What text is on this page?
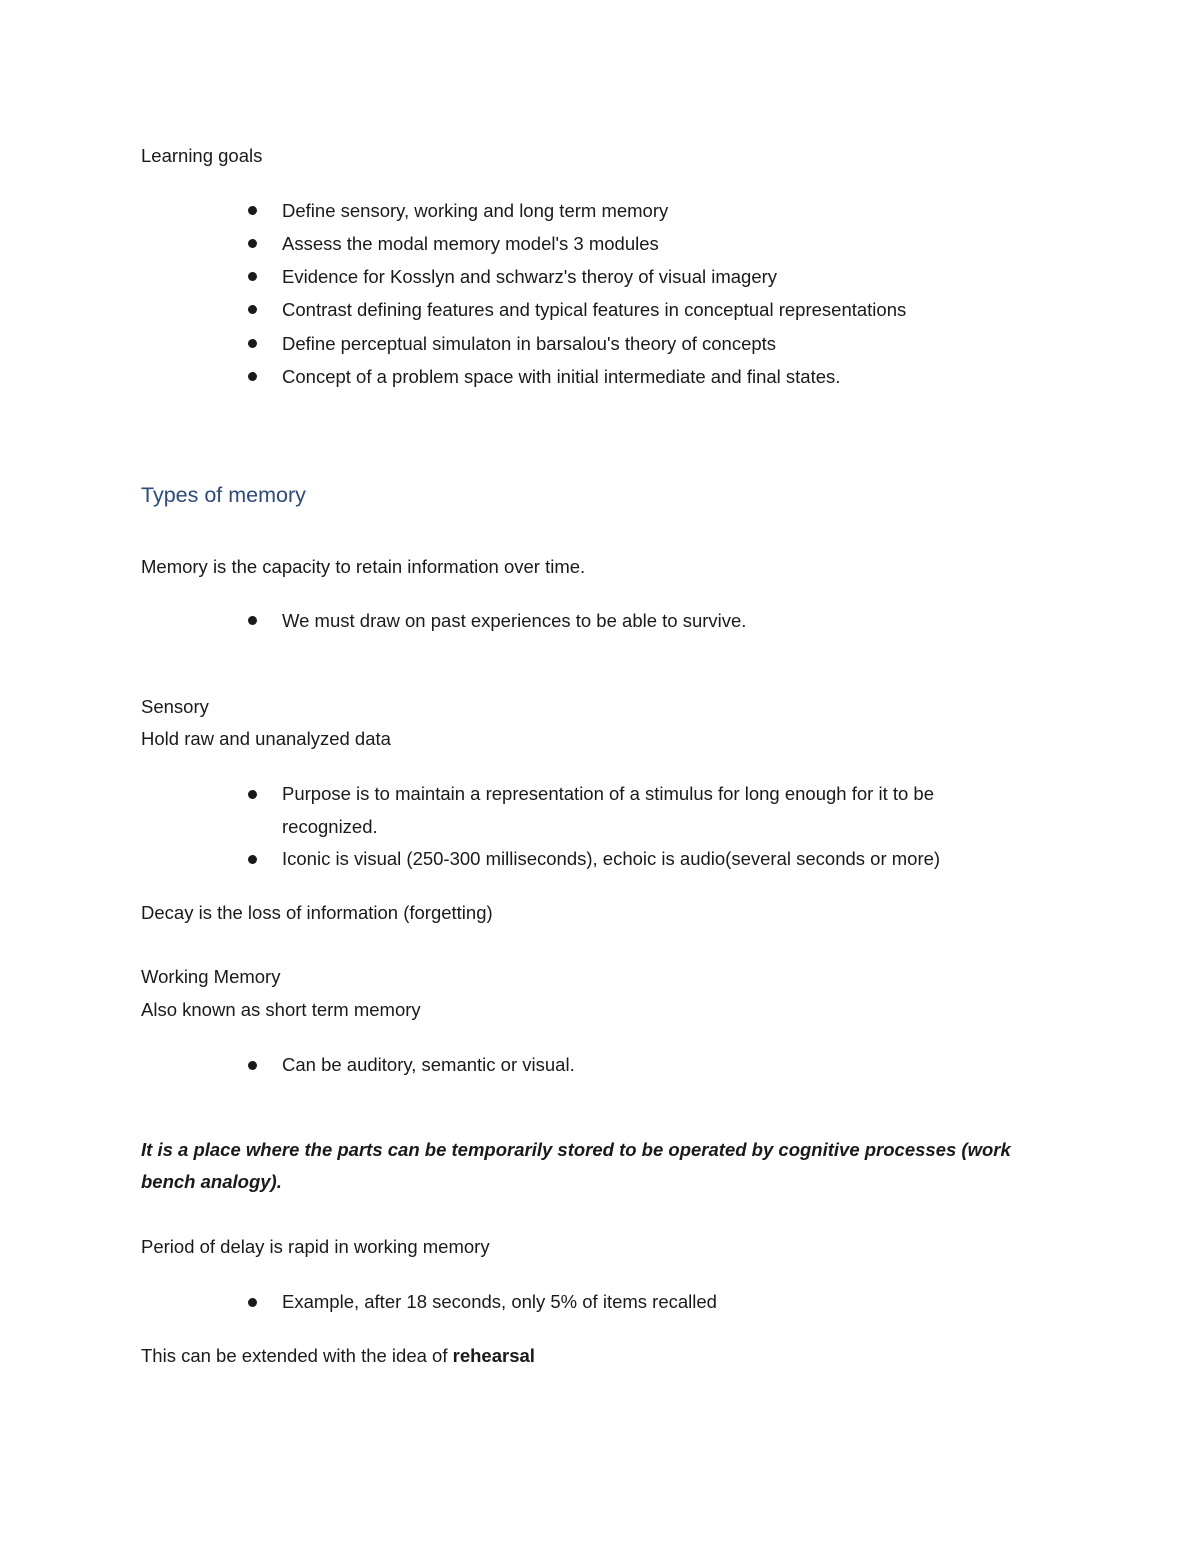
Learning goals
Define sensory, working and long term memory
Assess the modal memory model's 3 modules
Evidence for Kosslyn and schwarz's theroy of visual imagery
Contrast defining features and typical features in conceptual representations
Define perceptual simulaton in barsalou's theory of concepts
Concept of a problem space with initial intermediate and final states.
Types of memory
Memory is the capacity to retain information over time.
We must draw on past experiences to be able to survive.
Sensory
Hold raw and unanalyzed data
Purpose is to maintain a representation of a stimulus for long enough for it to be
recognized.
Iconic is visual (250-300 milliseconds), echoic is audio(several seconds or more)
Decay is the loss of information (forgetting)
Working Memory
Also known as short term memory
Can be auditory, semantic or visual.
It is a place where the parts can be temporarily stored to be operated by cognitive processes (work
bench analogy).
Period of delay is rapid in working memory
Example, after 18 seconds, only 5% of items recalled
This can be extended with the idea of rehearsal
